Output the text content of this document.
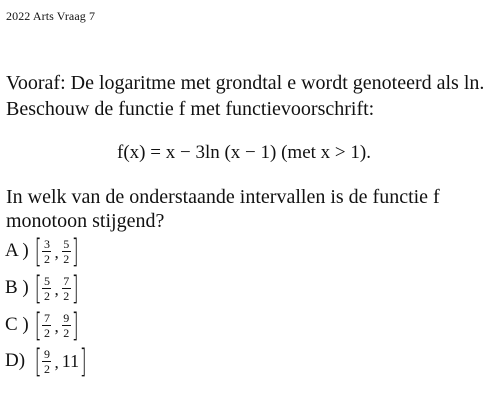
2022 Arts Vraag 7
Vooraf: De logaritme met grondtal e wordt genoteerd als ln.
Beschouw de functie f met functievoorschrift:
f(x) = x − 3ln (x − 1) (met x > 1).
In welk van de onderstaande intervallen is de functie f
monotoon stijgend?
A ) [ $\frac{3}{2}$ , $\frac{5}{2}$ ]
B ) [ $\frac{5}{2}$ , $\frac{7}{2}$ ]
C ) [ $\frac{7}{2}$ , $\frac{9}{2}$ ]
D) [ $\frac{9}{2}$ , 11 ]
